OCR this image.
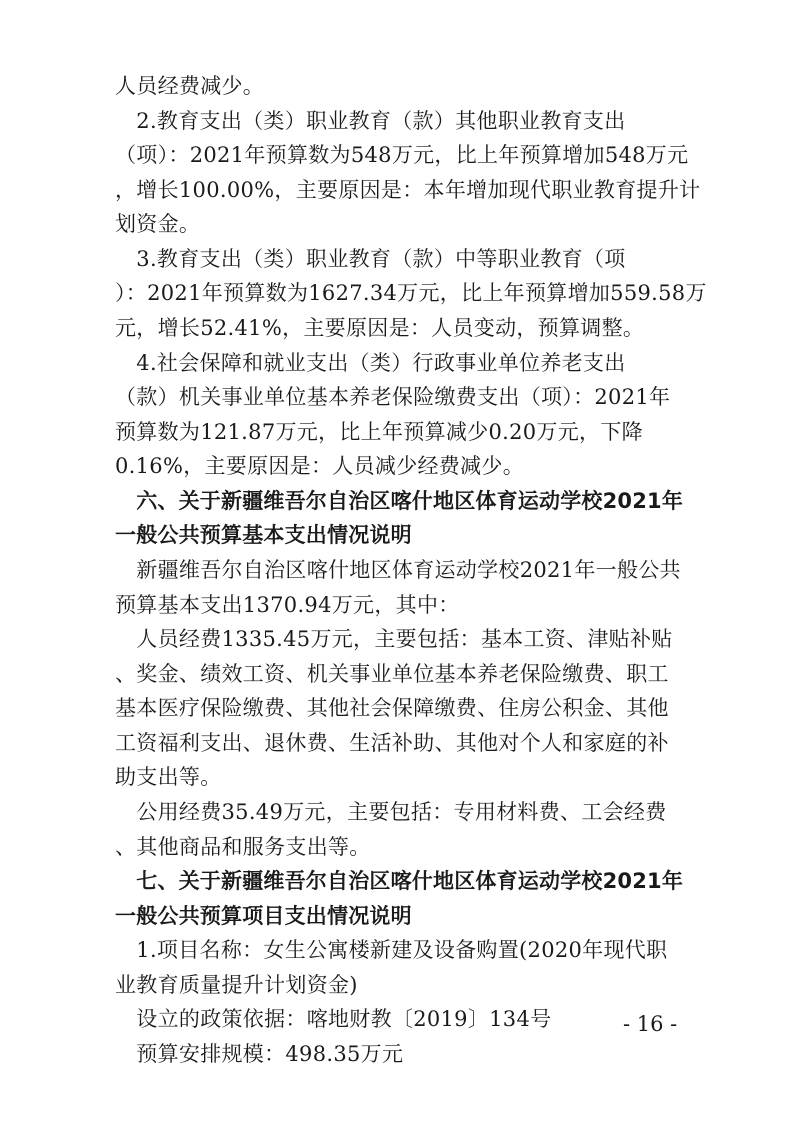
人员经费减少。
　2.教育支出（类）职业教育（款）其他职业教育支出
（项）：2021年预算数为548万元，比上年预算增加548万元
，增长100.00%，主要原因是：本年增加现代职业教育提升计
划资金。
　3.教育支出（类）职业教育（款）中等职业教育（项
）：2021年预算数为1627.34万元，比上年预算增加559.58万
元，增长52.41%，主要原因是：人员变动，预算调整。
　4.社会保障和就业支出（类）行政事业单位养老支出
（款）机关事业单位基本养老保险缴费支出（项）：2021年
预算数为121.87万元，比上年预算减少0.20万元，下降
0.16%，主要原因是：人员减少经费减少。
　六、关于新疆维吾尔自治区喀什地区体育运动学校2021年
一般公共预算基本支出情况说明
　新疆维吾尔自治区喀什地区体育运动学校2021年一般公共
预算基本支出1370.94万元，其中：
　人员经费1335.45万元，主要包括：基本工资、津贴补贴
、奖金、绩效工资、机关事业单位基本养老保险缴费、职工
基本医疗保险缴费、其他社会保障缴费、住房公积金、其他
工资福利支出、退休费、生活补助、其他对个人和家庭的补
助支出等。
　公用经费35.49万元，主要包括：专用材料费、工会经费
、其他商品和服务支出等。
　七、关于新疆维吾尔自治区喀什地区体育运动学校2021年
一般公共预算项目支出情况说明
　1.项目名称：女生公寓楼新建及设备购置(2020年现代职
业教育质量提升计划资金)
　设立的政策依据：喀地财教〔2019〕134号
　预算安排规模：498.35万元
- 16 -
